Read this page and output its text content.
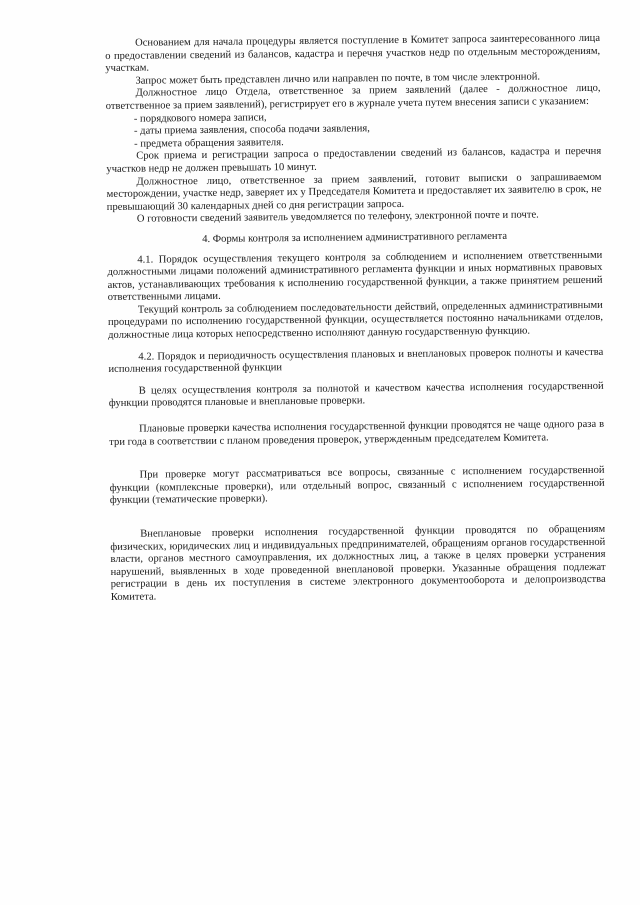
Основанием для начала процедуры является поступление в Комитет запроса заинтересованного лица о предоставлении сведений из балансов, кадастра и перечня участков недр по отдельным месторождениям, участкам.

Запрос может быть представлен лично или направлен по почте, в том числе электронной.

Должностное лицо Отдела, ответственное за прием заявлений (далее - должностное лицо, ответственное за прием заявлений), регистрирует его в журнале учета путем внесения записи с указанием:

- порядкового номера записи,

- даты приема заявления, способа подачи заявления,

- предмета обращения заявителя.

Срок приема и регистрации запроса о предоставлении сведений из балансов, кадастра и перечня участков недр не должен превышать 10 минут.

Должностное лицо, ответственное за прием заявлений, готовит выписки о запрашиваемом месторождении, участке недр, заверяет их у Председателя Комитета и предоставляет их заявителю в срок, не превышающий 30 календарных дней со дня регистрации запроса.

О готовности сведений заявитель уведомляется по телефону, электронной почте и почте.

4. Формы контроля за исполнением административного регламента

4.1. Порядок осуществления текущего контроля за соблюдением и исполнением ответственными должностными лицами положений административного регламента функции и иных нормативных правовых актов, устанавливающих требования к исполнению государственной функции, а также принятием решений ответственными лицами.

Текущий контроль за соблюдением последовательности действий, определенных административными процедурами по исполнению государственной функции, осуществляется постоянно начальниками отделов, должностные лица которых непосредственно исполняют данную государственную функцию.

4.2. Порядок и периодичность осуществления плановых и внеплановых проверок полноты и качества исполнения государственной функции

В целях осуществления контроля за полнотой и качеством качества исполнения государственной функции проводятся плановые и внеплановые проверки.

Плановые проверки качества исполнения государственной функции проводятся не чаще одного раза в три года в соответствии с планом проведения проверок, утвержденным председателем Комитета.

При проверке могут рассматриваться все вопросы, связанные с исполнением государственной функции (комплексные проверки), или отдельный вопрос, связанный с исполнением государственной функции (тематические проверки).

Внеплановые проверки исполнения государственной функции проводятся по обращениям физических, юридических лиц и индивидуальных предпринимателей, обращениям органов государственной власти, органов местного самоуправления, их должностных лиц, а также в целях проверки устранения нарушений, выявленных в ходе проведенной внеплановой проверки. Указанные обращения подлежат регистрации в день их поступления в системе электронного документооборота и делопроизводства Комитета.
